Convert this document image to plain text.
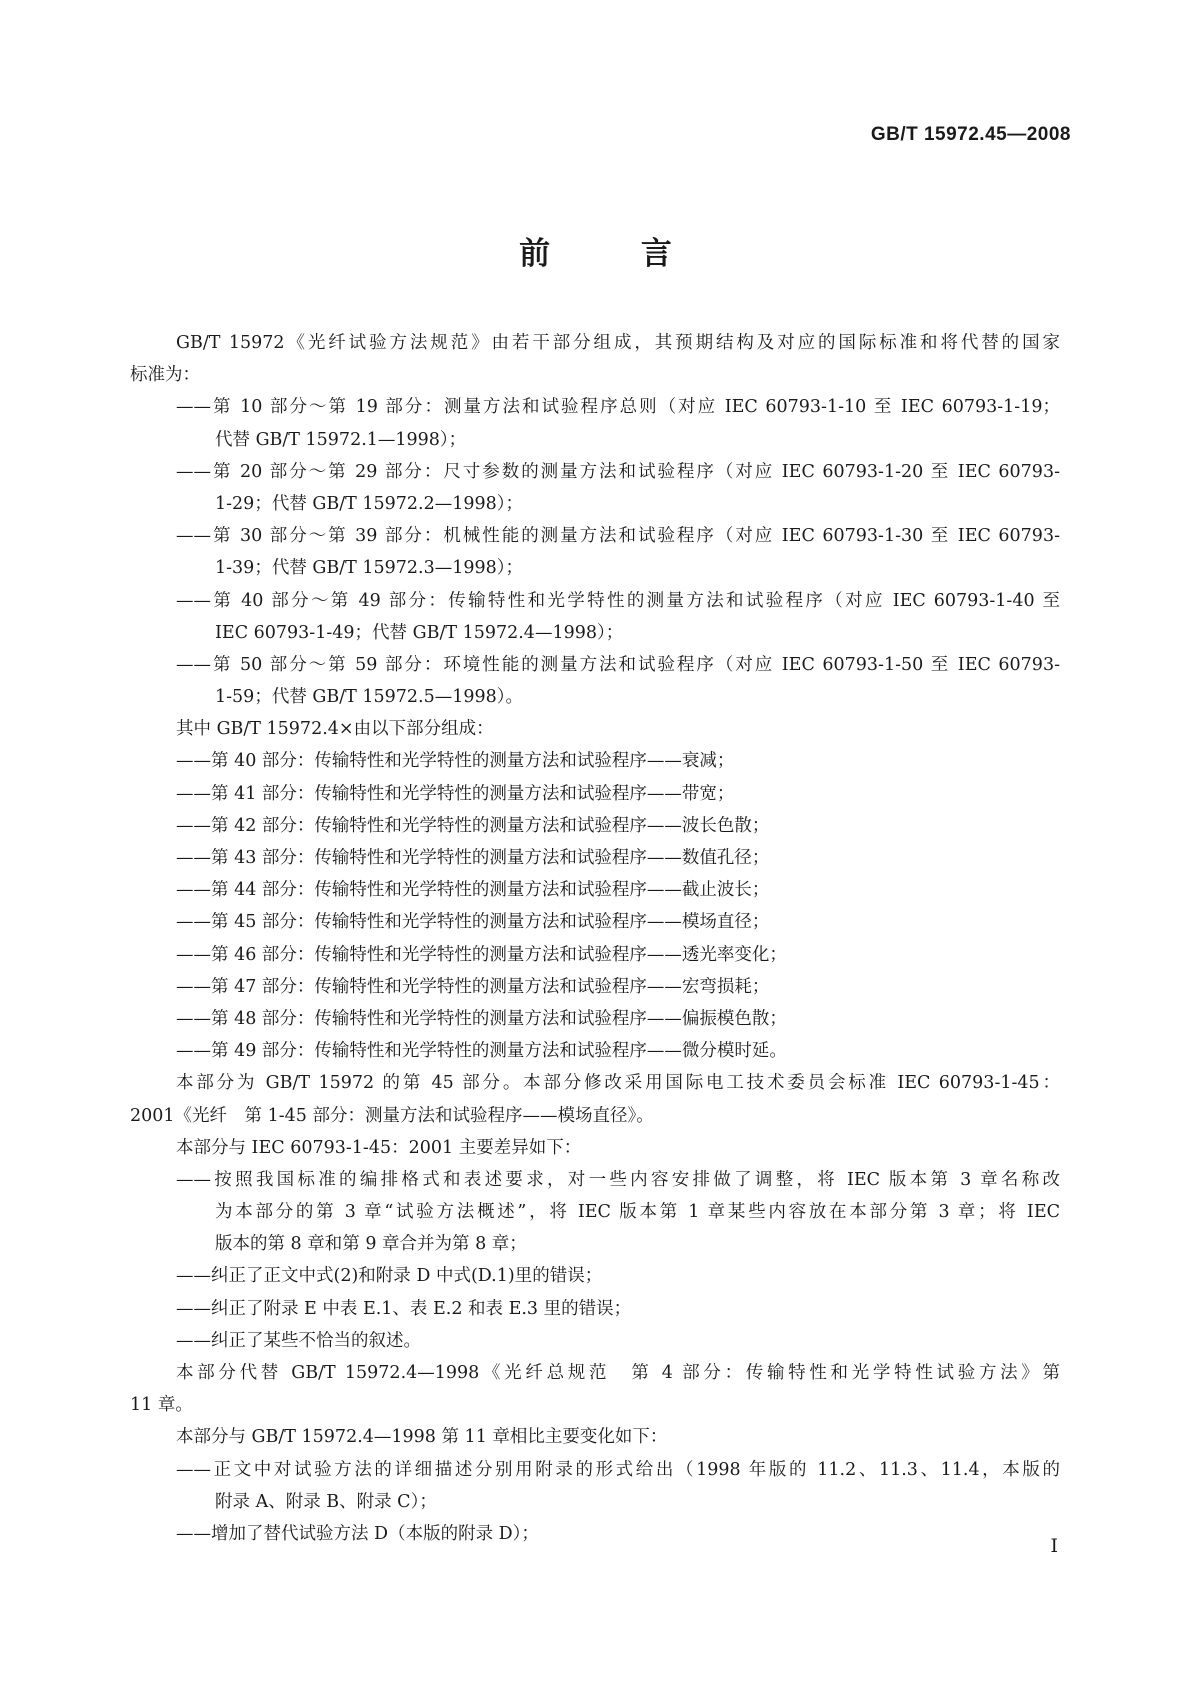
GB/T 15972.45—2008
前 言
GB/T 15972《光纤试验方法规范》由若干部分组成，其预期结构及对应的国际标准和将代替的国家
标准为：
——第 10 部分～第 19 部分：测量方法和试验程序总则（对应 IEC 60793-1-10 至 IEC 60793-1-19；
代替 GB/T 15972.1—1998）；
——第 20 部分～第 29 部分：尺寸参数的测量方法和试验程序（对应 IEC 60793-1-20 至 IEC 60793-
1-29；代替 GB/T 15972.2—1998）；
——第 30 部分～第 39 部分：机械性能的测量方法和试验程序（对应 IEC 60793-1-30 至 IEC 60793-
1-39；代替 GB/T 15972.3—1998）；
——第 40 部分～第 49 部分：传输特性和光学特性的测量方法和试验程序（对应 IEC 60793-1-40 至
IEC 60793-1-49；代替 GB/T 15972.4—1998）；
——第 50 部分～第 59 部分：环境性能的测量方法和试验程序（对应 IEC 60793-1-50 至 IEC 60793-
1-59；代替 GB/T 15972.5—1998）。
其中 GB/T 15972.4×由以下部分组成：
——第 40 部分：传输特性和光学特性的测量方法和试验程序——衰减；
——第 41 部分：传输特性和光学特性的测量方法和试验程序——带宽；
——第 42 部分：传输特性和光学特性的测量方法和试验程序——波长色散；
——第 43 部分：传输特性和光学特性的测量方法和试验程序——数值孔径；
——第 44 部分：传输特性和光学特性的测量方法和试验程序——截止波长；
——第 45 部分：传输特性和光学特性的测量方法和试验程序——模场直径；
——第 46 部分：传输特性和光学特性的测量方法和试验程序——透光率变化；
——第 47 部分：传输特性和光学特性的测量方法和试验程序——宏弯损耗；
——第 48 部分：传输特性和光学特性的测量方法和试验程序——偏振模色散；
——第 49 部分：传输特性和光学特性的测量方法和试验程序——微分模时延。
本部分为 GB/T 15972 的第 45 部分。本部分修改采用国际电工技术委员会标准 IEC 60793-1-45：
2001《光纤　第 1-45 部分：测量方法和试验程序——模场直径》。
本部分与 IEC 60793-1-45：2001 主要差异如下：
——按照我国标准的编排格式和表述要求，对一些内容安排做了调整，将 IEC 版本第 3 章名称改
为本部分的第 3 章“试验方法概述”，将 IEC 版本第 1 章某些内容放在本部分第 3 章；将 IEC
版本的第 8 章和第 9 章合并为第 8 章；
——纠正了正文中式(2)和附录 D 中式(D.1)里的错误；
——纠正了附录 E 中表 E.1、表 E.2 和表 E.3 里的错误；
——纠正了某些不恰当的叙述。
本部分代替 GB/T 15972.4—1998《光纤总规范　第 4 部分：传输特性和光学特性试验方法》第
11 章。
本部分与 GB/T 15972.4—1998 第 11 章相比主要变化如下：
——正文中对试验方法的详细描述分别用附录的形式给出（1998 年版的 11.2、11.3、11.4，本版的
附录 A、附录 B、附录 C）；
——增加了替代试验方法 D（本版的附录 D）；
I
